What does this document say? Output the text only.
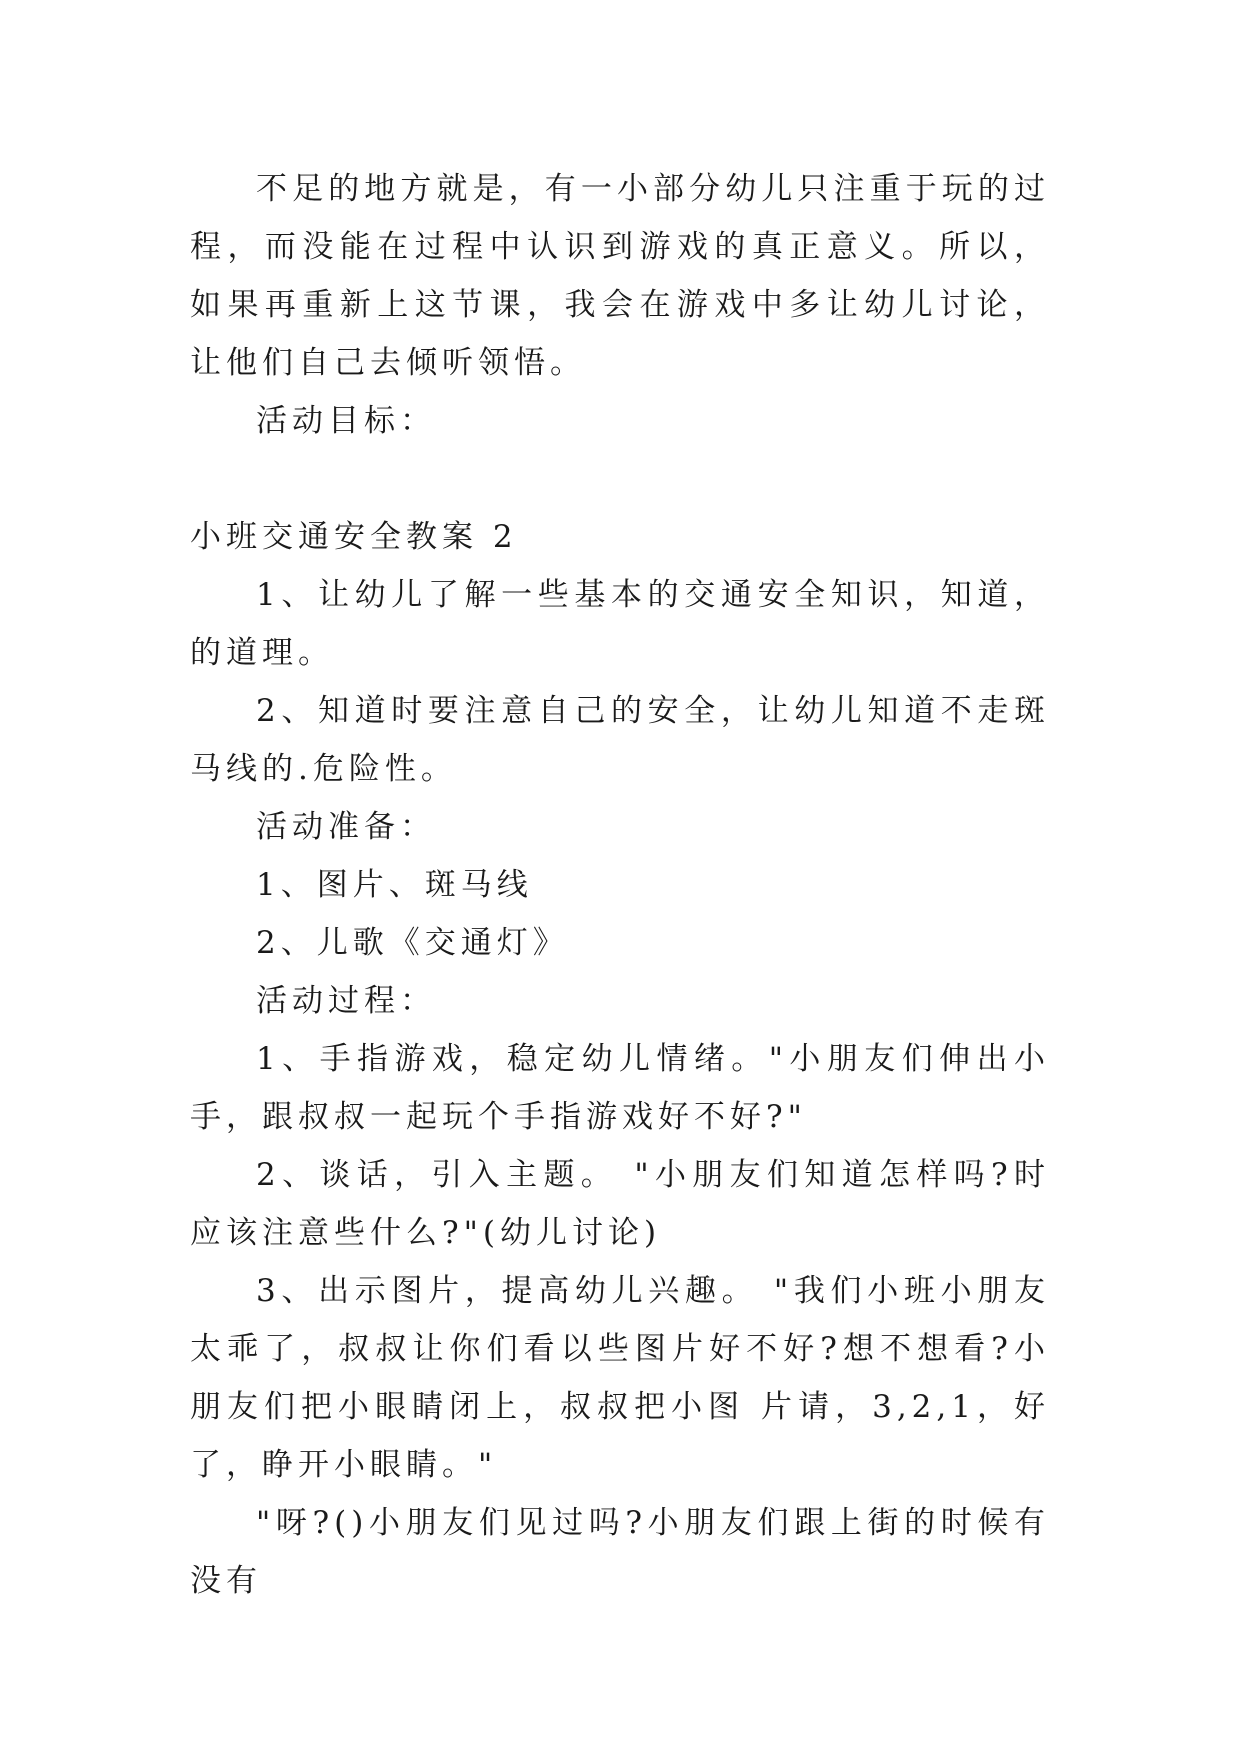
不足的地方就是，有一小部分幼儿只注重于玩的过程，而没能在过程中认识到游戏的真正意义。所以，如果再重新上这节课，我会在游戏中多让幼儿讨论，让他们自己去倾听领悟。

活动目标：

小班交通安全教案 2

1、让幼儿了解一些基本的交通安全知识，知道，的道理。

2、知道时要注意自己的安全，让幼儿知道不走斑马线的.危险性。

活动准备：

1、图片、斑马线

2、儿歌《交通灯》

活动过程：

1、手指游戏，稳定幼儿情绪。"小朋友们伸出小手，跟叔叔一起玩个手指游戏好不好?"

2、谈话，引入主题。 "小朋友们知道怎样吗?时应该注意些什么?"(幼儿讨论)

3、出示图片，提高幼儿兴趣。 "我们小班小朋友太乖了，叔叔让你们看以些图片好不好?想不想看?小朋友们把小眼睛闭上，叔叔把小图 片请，3,2,1，好了，睁开小眼睛。"

"呀?()小朋友们见过吗?小朋友们跟上街的时候有没有
